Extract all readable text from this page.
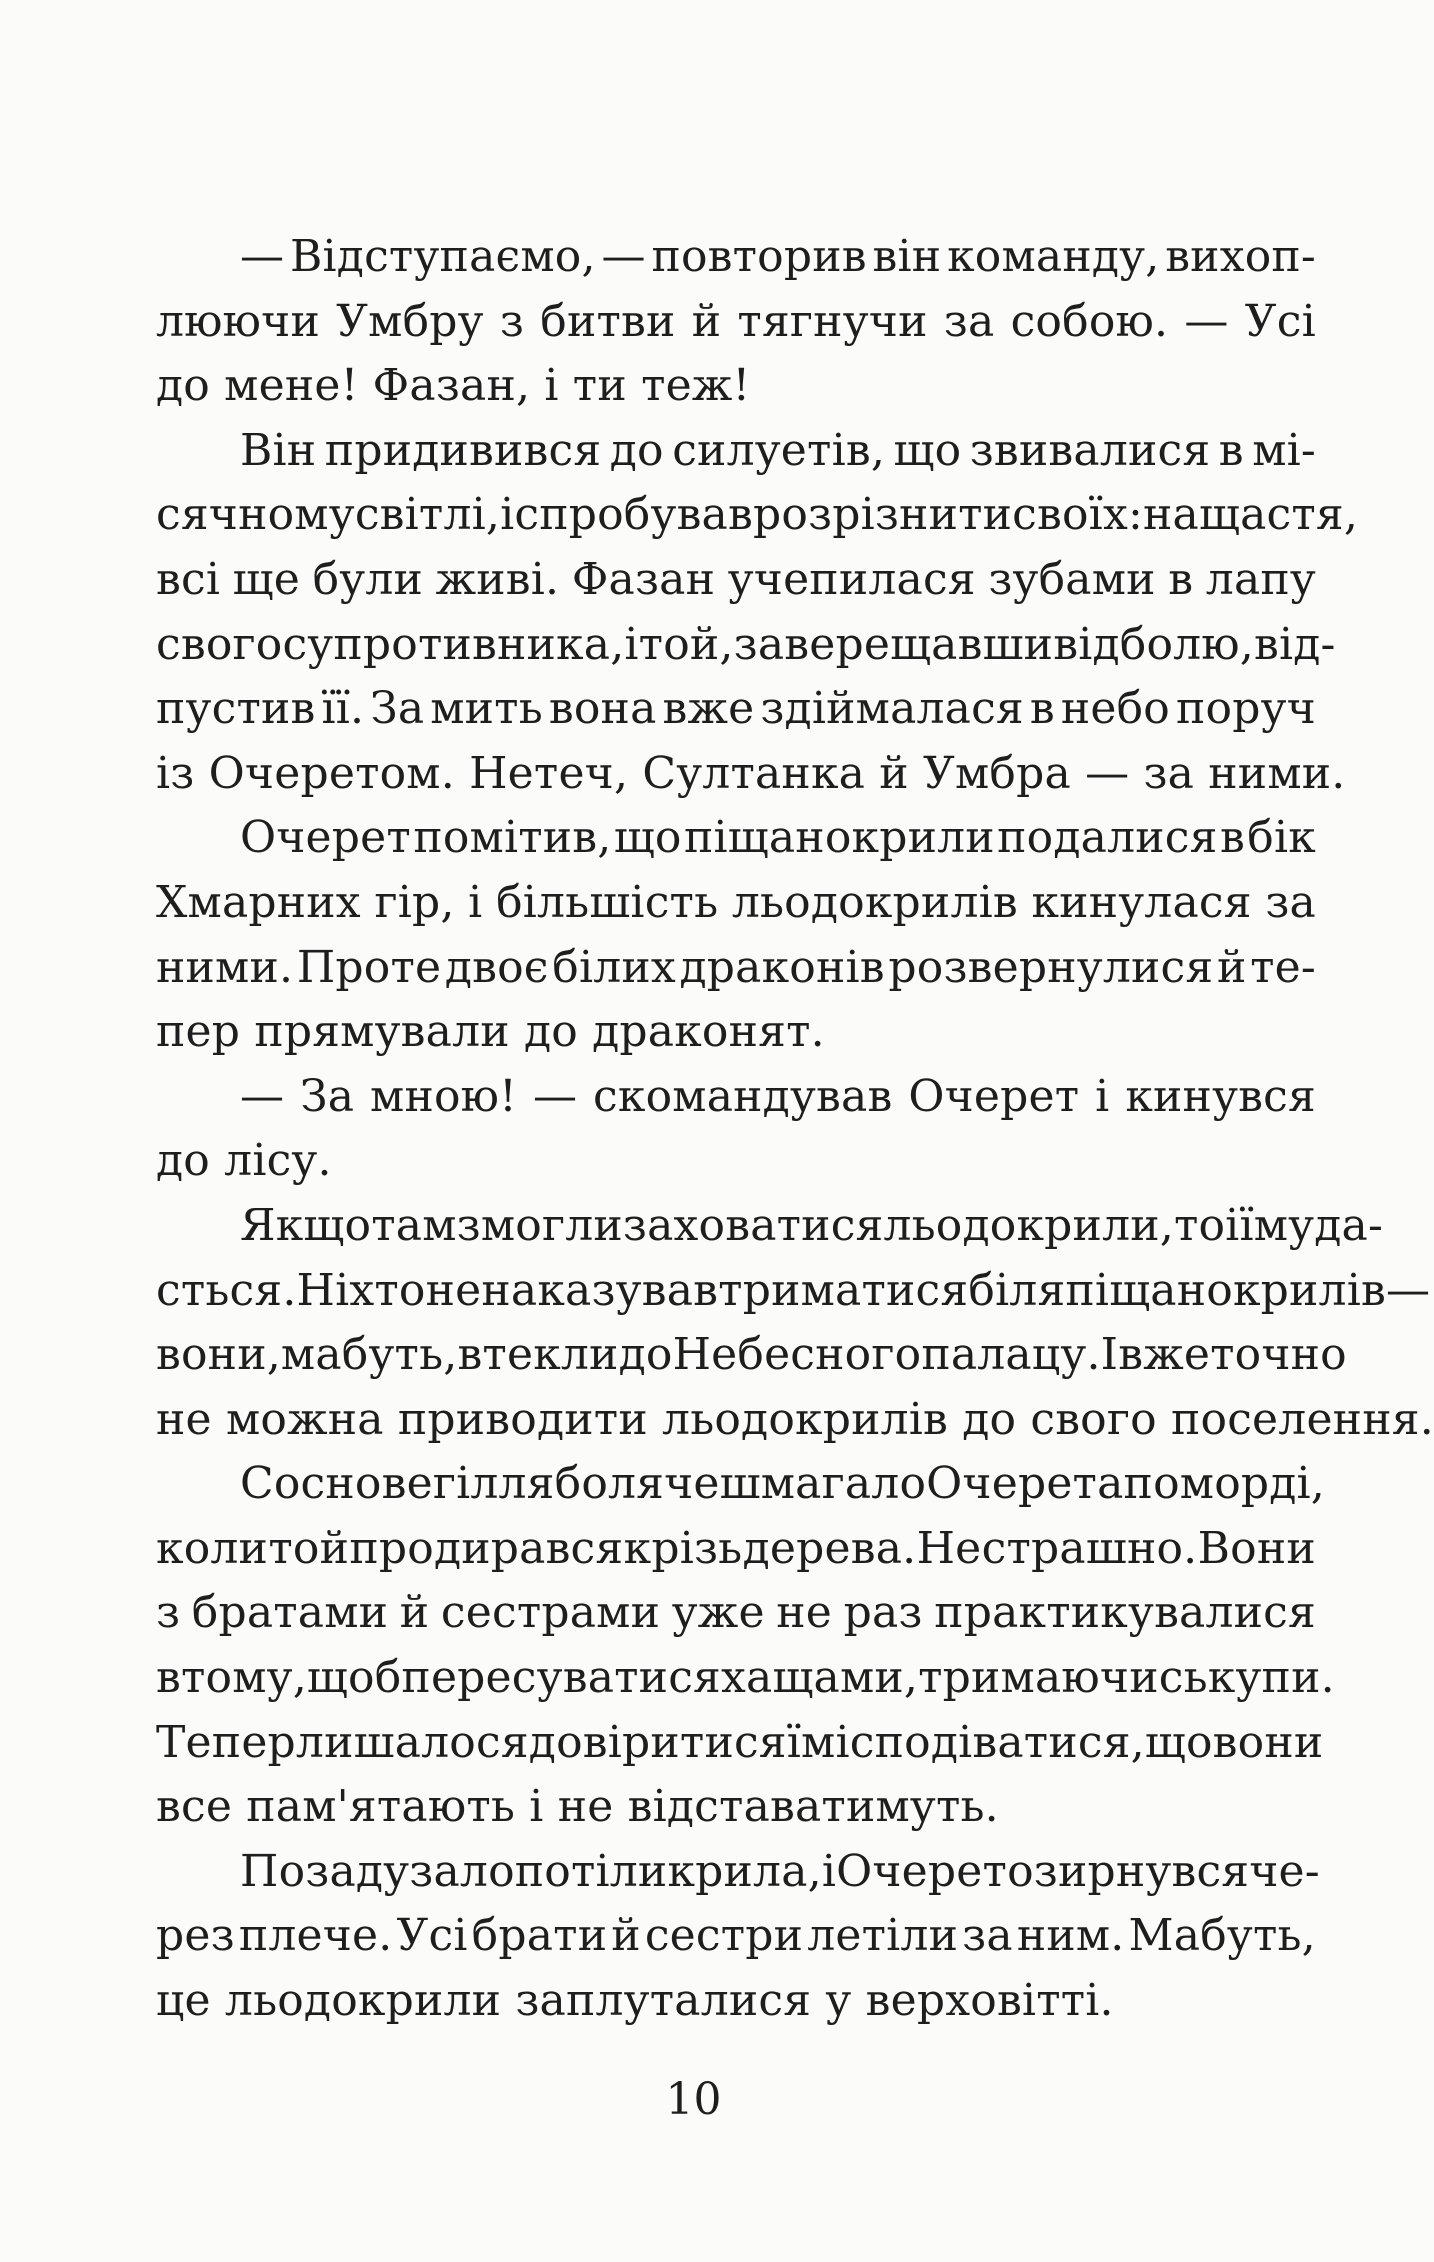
— Відступаємо, — повторив він команду, вихоп-
люючи Умбру з битви й тягнучи за собою. — Усі
до мене! Фазан, і ти теж!
Він придивився до силуетів, що звивалися в мі-
сячному світлі, і спробував розрізнити своїх: на щастя,
всі ще були живі. Фазан учепилася зубами в лапу
свого супротивника, і той, заверещавши від болю, від-
пустив її. За мить вона вже здіймалася в небо поруч
із Очеретом. Нетеч, Султанка й Умбра — за ними.
Очерет помітив, що піщанокрили подалися в бік
Хмарних гір, і більшість льодокрилів кинулася за
ними. Проте двоє білих драконів розвернулися й те-
пер прямували до драконят.
— За мною! — скомандував Очерет і кинувся
до лісу.
Якщо там змогли заховатися льодокрили, то і їм уда-
сться. Ніхто не наказував триматися біля піщанокрилів —
вони, мабуть, втекли до Небесного палацу. І вже точно
не можна приводити льодокрилів до свого поселення.
Соснове гілля боляче шмагало Очерета по морді,
коли той продирався крізь дерева. Не страшно. Вони
з братами й сестрами уже не раз практикувалися
в тому, щоб пересуватися хащами, тримаючись купи.
Тепер лишалося довіритися їм і сподіватися, що вони
все пам'ятають і не відставатимуть.
Позаду залопотіли крила, і Очерет озирнувся че-
рез плече. Усі брати й сестри летіли за ним. Мабуть,
це льодокрили заплуталися у верховітті.
10
